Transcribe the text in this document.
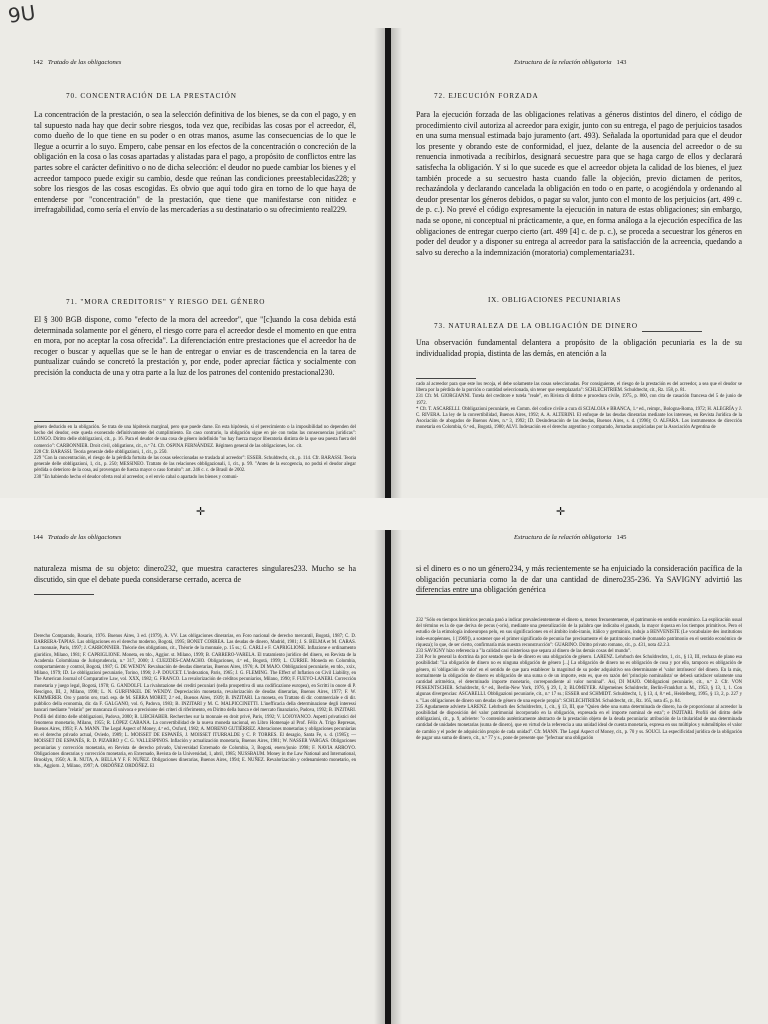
9U
142 Tratado de las obligaciones
70. CONCENTRACIÓN DE LA PRESTACIÓN
La concentración de la prestación, o sea la selección definitiva de los bienes, se da con el pago, y en tal supuesto nada hay que decir sobre riesgos, toda vez que, recibidas las cosas por el acreedor, él, como dueño de lo que tiene en su poder o en otras manos, asume las consecuencias de lo que le llegue a ocurrir a lo suyo. Empero, cabe pensar en los efectos de la concentración o concreción de la obligación en la cosa o las cosas apartadas y alistadas para el pago, a propósito de conflictos entre las partes sobre el carácter definitivo o no de dicha selección: el deudor no puede cambiar los bienes y el acreedor tampoco puede exigir su cambio, desde que reúnan las condiciones preestablecidas228; y sobre los riesgos de las cosas escogidas. Es obvio que aquí todo gira en torno de lo que haya de entenderse por "concentración" de la prestación, que tiene que manifestarse con nitidez e irrefragabilidad, como sería el envío de las mercaderías a su destinatario o su ofrecimiento real229.
71. "MORA CREDITORIS" Y RIESGO DEL GÉNERO
El § 300 BGB dispone, como "efecto de la mora del acreedor", que "[c]uando la cosa debida está determinada solamente por el género, el riesgo corre para el acreedor desde el momento en que entra en mora, por no aceptar la cosa ofrecida". La diferenciación entre prestaciones que el acreedor ha de recoger o buscar y aquellas que se le han de entregar o enviar es de trascendencia en la tarea de puntualizar cuándo se concretó la prestación y, por ende, poder apreciar fáctica y socialmente con precisión la conducta de una y otra parte a la luz de los patrones del contenido prestacional230.
género deducido en la obligación. Se trata de una hipótesis marginal, pero que puede darse. En esta hipótesis, si el perecimiento o la imposibilidad no dependen del hecho del deudor, este queda exonerado definitivamente del cumplimiento. En caso contrario, la obligación sigue en pie con todas las consecuencias jurídicas": LONGO. Diritto delle obbligazioni, cit., p. 16. Para el deudor de una cosa de género indefinido "no hay fuerza mayor liberatoria distinta de la que sea puesta fuera del comercio": CARBONNIER. Droit civil, obligations, cit., n.º 74. Cfr. OSPINA FERNÁNDEZ. Régimen general de las obligaciones, loc. cit.
228 Cfr. BARASSI. Teoria generale delle obbligazioni, 1, cit., p. 250.
229 "Con la concentración, el riesgo de la pérdida fortuita de las cosas seleccionadas se traslada al acreedor": ESSER. Schuldrecht, cit., p. 114. Cfr. BARASSI. Teoria generale delle obbligazioni, 1, cit., p. 250; MESSINEO. Trattato de las relaciones obbligazionali, 1, cit., p. 99. "Antes de la escogencia, no podrá el deudor alegar pérdida o deterioro de la cosa, así provengan de fuerza mayor o caso fortuito": art. 246 c. c. de Brasil de 2002.
230 "En habiendo hecho el deudor oferta real al acreedor, o el envío cabal o apartado los bienes y comuni-
Estructura de la relación obligatoria 143
72. EJECUCIÓN FORZADA
Para la ejecución forzada de las obligaciones relativas a géneros distintos del dinero, el código de procedimiento civil autoriza al acreedor para exigir, junto con su entrega, el pago de perjuicios tasados en una suma mensual estimada bajo juramento (art. 493). Señalada la oportunidad para que el deudor los presente y obrando este de conformidad, el juez, delante de la ausencia del acreedor o de su renuencia inmotivada a recibirlos, designará secuestre para que se haga cargo de ellos y declarará satisfecha la obligación. Y si lo que sucede es que el acreedor objeta la calidad de los bienes, el juez también procede a su secuestro hasta cuando falle la objeción, previo dictamen de peritos, rechazándola y declarando cancelada la obligación en todo o en parte, o acogiéndola y ordenando al deudor presentar los géneros debidos, o pagar su valor, junto con el monto de los perjuicios (art. 499 c. de p. c.). No prevé el código expresamente la ejecución in natura de estas obligaciones; sin embargo, nada se opone, ni conceptual ni prácticamente, a que, en forma análoga a la ejecución específica de las obligaciones de entregar cuerpo cierto (art. 499 [4] c. de p. c.), se proceda a secuestrar los géneros en poder del deudor y a disponer su entrega al acreedor para la satisfacción de la acreencia, quedando a salvo su derecho a la indemnización (moratoria) complementaria231.
IX. OBLIGACIONES PECUNIARIAS
73. NATURALEZA DE LA OBLIGACIÓN DE DINERO
Una observación fundamental delantera a propósito de la obligación pecuniaria es la de su individualidad propia, distinta de las demás, en atención a la
cado al acreedor para que este los recoja, el debe solamente las cosas seleccionadas. Por consiguiente, el riesgo de la prestación es del acreedor, a sea que el deudor se libera por la pérdida de la porción o cantidad seleccionada, sin tener que reemplazarla": SCHLECHTRIEM. Schuldrecht, cit., Rz. 158, p. 81.
231 Cfr. M. GIORGIANNI. Tutela del creditore e tutela "reale", en Rivista di diritto e procedura civile, 1975, p. 860, con cita de casación francesa del 5 de junio de 1972.
* Cfr. T. ASCARELLI. Obbligazioni pecuniarie, en Comm. del codice civile a cura di SCIALOJA e BRANCA, 1.ª ed., reimpr., Bologna-Roma, 1972; H. ALEGRÍA y J. C. RIVERA. La ley de la convertibilidad, Buenos Aires, 1992; A. A. ALTERINI. El enfoque de las deudas dinerarias mediante los intereses, en Revista Jurídica de la Asociación de abogados de Buenos Aires, n.º 3, 1992; ID. Desindexación de las deudas, Buenos Aires, s. d. (1996); O. ALFARA. Los instrumentos de dirección monetaria en Colombia, 6.ª ed., Bogotá, 1980; ALVI. Indexación en el derecho argentino y comparado, Jornadas auspiciadas por la Asociación Argentina de
✛	✛
144 Tratado de las obligaciones
naturaleza misma de su objeto: dinero232, que muestra caracteres singulares233. Mucho se ha discutido, sin que el debate pueda considerarse cerrado, acerca de
Derecho Comparado, Rosario, 1976. Buenos Aires, 3 ed. (1979), A. VV. Las obligaciones dinerarias, en Foro nacional de derecho mercantil, Bogotá, 1987; C. D. BARRERA-TAPIAS. Las obligaciones en el derecho moderno, Bogotá, 1995; BONET CORREA. Las deudas de dinero, Madrid, 1981; J. S. BELMA et M. CARAS. La monnaie, Paris, 1997; J. CARBONNIER. Théorie des obligations, cit., Théorie de la monnaie, p. 15 ss.; G. CARLI e F. CAPRIGLIONE. Inflazione e ordinamento giuridico, Milano, 1981; F. CAPRIGLIONE. Moneta, en tdo., Aggior. st. Milano, 1999; B. CARRERO-VARELA. El tratamiento jurídico del dinero, en Revista de la Academia Colombiana de Jurisprudencia, n.º 317, 2000; J. CUEZDES-CAMACHO. Obligaciones, 4.ª ed., Bogotá, 1999; L. CURRIE. Moneda en Colombia, comportamiento y control, Bogotá, 1987; G. DE WENDY. Revaluación de deudas dinerarias, Buenos Aires, 1976; A. DI MAJO. Obbligazioni pecuniarie, en tdo., xxix, Milano, 1979; ID. Le obbligazioni pecuniarie, Torino, 1996; J.-P. DOUCET. L'indexation, Paris, 1965; J. G. FLEMING. The Effect of Inflation on Civil Liability, en The American Journal of Comparative Law, vol. XXX, 1982; G. FRANCO. La revalorización de créditos pecuniarios, Milano, 1990; F. FUEYO-LANERI. Corrección monetaria y juego legal, Bogotá, 1978; G. GANDOLFI. La rivalutazione dei crediti pecuniari (nella prospettiva di una codificazione europea), en Scritti in onore di P. Rescigno, III, 2, Milano, 1998; L. N. GURFINKEL DE WENDY. Depreciación monetaria, revalorización de deudas dinerarias, Buenos Aires, 1977; F. W. KEMMERER. Oro y patrón oro, trad. esp. de M. SERRA MORET, 2.ª ed., Buenos Aires, 1939; B. INZITARI. La moneta, en Trattato di dir. commerciale e di dir. pubblico della economia, dir. da F. GALGANO, vol. 6, Padova, 1983; B. INZITARI y M. C. MALPICCINETTI. L'inefficacia della determinazione degli interessi bancari mediante "relatio" per mancanza di univoca e precisione dei criteri di riferimento, en Diritto della banca e del mercato finanziario, Padova, 1992; B. INZITARI. Profili del diritto delle obbligazioni, Padova, 2000; R. LIBCHABER. Recherches sur la monnaie en droit privé, Paris, 1992; V. LOJOYANCO. Aspetti privatistici del fenomeno monetario, Milano, 1955; R. LÓPEZ CABANA. La convertibilidad de la nueva moneda nacional, en Libro Homenaje al Prof. Félix A. Trigo Represas, Buenos Aires, 1993; F. A. MANN. The Legal Aspect of Money, 4.ª ed., Oxford, 1982; A. MORENO GUTIÉRREZ. Alteraciones monetarias y obligaciones pecuniarias en el derecho privado actual, Oviedo, 1989; L. MOISSET DE ESPANÉS, J. MOISSET ITURRALDE y C. P. TORRES. El desagio, Santa Fe, s. d. (1985); — MOISSET DE ESPANÉS, R. D. PIZARRO y C. G. VALLESPINOS. Inflación y actualización monetaria, Buenos Aires, 1981; W. NASSER VARGAS. Obligaciones pecuniarias y corrección monetaria, en Revista de derecho privado, Universidad Externado de Colombia, 3, Bogotá, enero/junio 1998; F. NAVIA ARROYO. Obligaciones dinerarias y corrección monetaria, en Externado, Revista de la Universidad, 1, abril, 1985; NUSSBAUM. Money in the Law National and International, Brooklyn, 1950; A. R. NUTA, A. BELLA Y F. F. NUÑEZ. Obligaciones dinerarias, Buenos Aires, 1994; E. NUÑEZ. Revalorización y ordenamiento monetario, en tdo., Aggiorn. 2, Milano, 1997; A. ORDÓÑEZ ORDÓÑEZ. El
Estructura de la relación obligatoria 145
si el dinero es o no un género234, y más recientemente se ha enjuiciado la consideración pacífica de la obligación pecuniaria como la de dar una cantidad de dinero235-236. Ya SAVIGNY advirtió las diferencias entre una obligación genérica
232 "Sólo en tiempos históricos pecunia pasó a indicar prevalecientemente el dinero u, menos frecuentemente, el patrimonio en sentido económico. La explicación usual del término es la de que deriva de pecus (-oris), mediante una generalización de la palabra que indicaba el ganado, la mayor riqueza en los tiempos primitivos. Pero el estudio de la etimología indoeuropea pelu, en sus significaciones en el ámbito indo-iranio, itálico y germánico, indujo a BENVENISTE (Le vocabulaire des institutions indo-européennes, 1 [1969]), a sostener que el primer significado de pecunia fue precisamente el de patrimonio mueble (tomando patrimonio en el sentido económico de riqueza); lo que, de ser cierto, confirmaría más nuestra reconstrucción": GUARINO. Diritto privato romano, cit., p. 431, nota 42.2.3.
233 SAVIGNY hizo referencia a "la calidad casi misteriosa que separa al dinero de las demás cosas del mundo".
234 Por lo general la doctrina da por sentado que la de dinero es una obligación de género. LARENZ. Lehrbuch des Schuldrechts, 1, cit., § 13, III, rechaza de plano esa posibilidad: "La obligación de dinero no es ninguna obligación de género [...] La obligación de dinero no es obligación de cosa y por ello, tampoco es obligación de género, ni 'obligación de valor' en el sentido de que para establecer la magnitud de su poder adquisitivo sea determinante el 'valor intrínseco' del dinero. En la más, normalmente la obligación de dinero es obligación de una suma o de un importe, esto es, que en razón del 'principio nominalista' se deberá satisfacer solamente una cantidad aritmética, el determinado importe monetario, correspondiente al valor nominal". Así, DI MAJO. Obbligazioni pecuniarie, cit., n.º 2. Cfr. VON PESKENTSCHER. Schuldrecht, 6.ª ed., Berlin-New York, 1976, § 29, I, 3; BLOMEYER. Allgemeines Schuldrecht, Berlin-Frankfurt a. M., 1953, § 13, 1, 1. Con algunas divergencias: ASCARELLI. Obbligazioni pecuniarie, cit., n.º 17 ss.; ESSER und SCHMIDT. Schuldrecht, 1, § 13, 4, 8.ª ed., Heidelberg, 1995, § 13, 2, p. 227 y s. "Las obligaciones de dinero son deudas de género de una especie propia": SCHLECHTRIEM. Schuldrecht, cit., Rz. 165, nota 45, p. 84.
235 Agudamente advierte LARENZ. Lehrbuch des Schuldrechts, 1, cit., § 13, III, que "Quien debe una suma determinada de dinero, ha de proporcionar al acreedor la posibilidad de disposición del valor patrimonial incorporado en la obligación, expresada en el importe nominal de esta"; e INZITARI. Profili del diritto delle obbligazioni, cit., p. 9, advierte: "o contenido auténticamente abstracto de la prestación objeto de la deuda pecuniaria: atribución de la titularidad de una determinada cantidad de unidades monetarias (suma de dinero), que en virtud de la referencia a una unidad ideal de cuenta monetaria, expresa en sus múltiplos y submúltiplos el valor de cambio y el poder de adquisición propio de cada unidad". Cfr. MANN. The Legal Aspect of Money, cit., p. 70 y ss. SOUCI. La especificidad jurídica de la obligación de pagar una suma de dinero, cit., n.º 77 y s., pone de presente que "[efectuar una obligación
